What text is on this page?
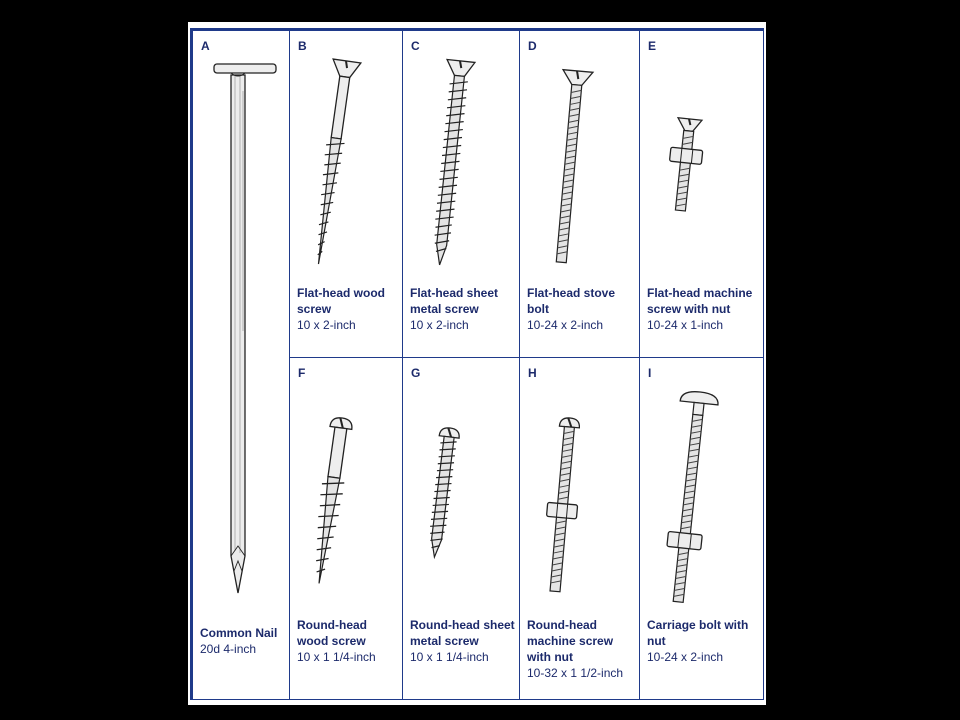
A
Common Nail
20d 4-inch
B
Flat-head wood screw
10 x 2-inch
C
Flat-head sheet metal screw
10 x 2-inch
D
Flat-head stove bolt
10-24 x 2-inch
E
Flat-head machine screw with nut
10-24 x 1-inch
F
Round-head wood screw
10 x 1 1/4-inch
G
Round-head sheet metal screw
10 x 1 1/4-inch
H
Round-head machine screw with nut
10-32 x 1 1/2-inch
I
Carriage bolt with nut
10-24 x 2-inch
